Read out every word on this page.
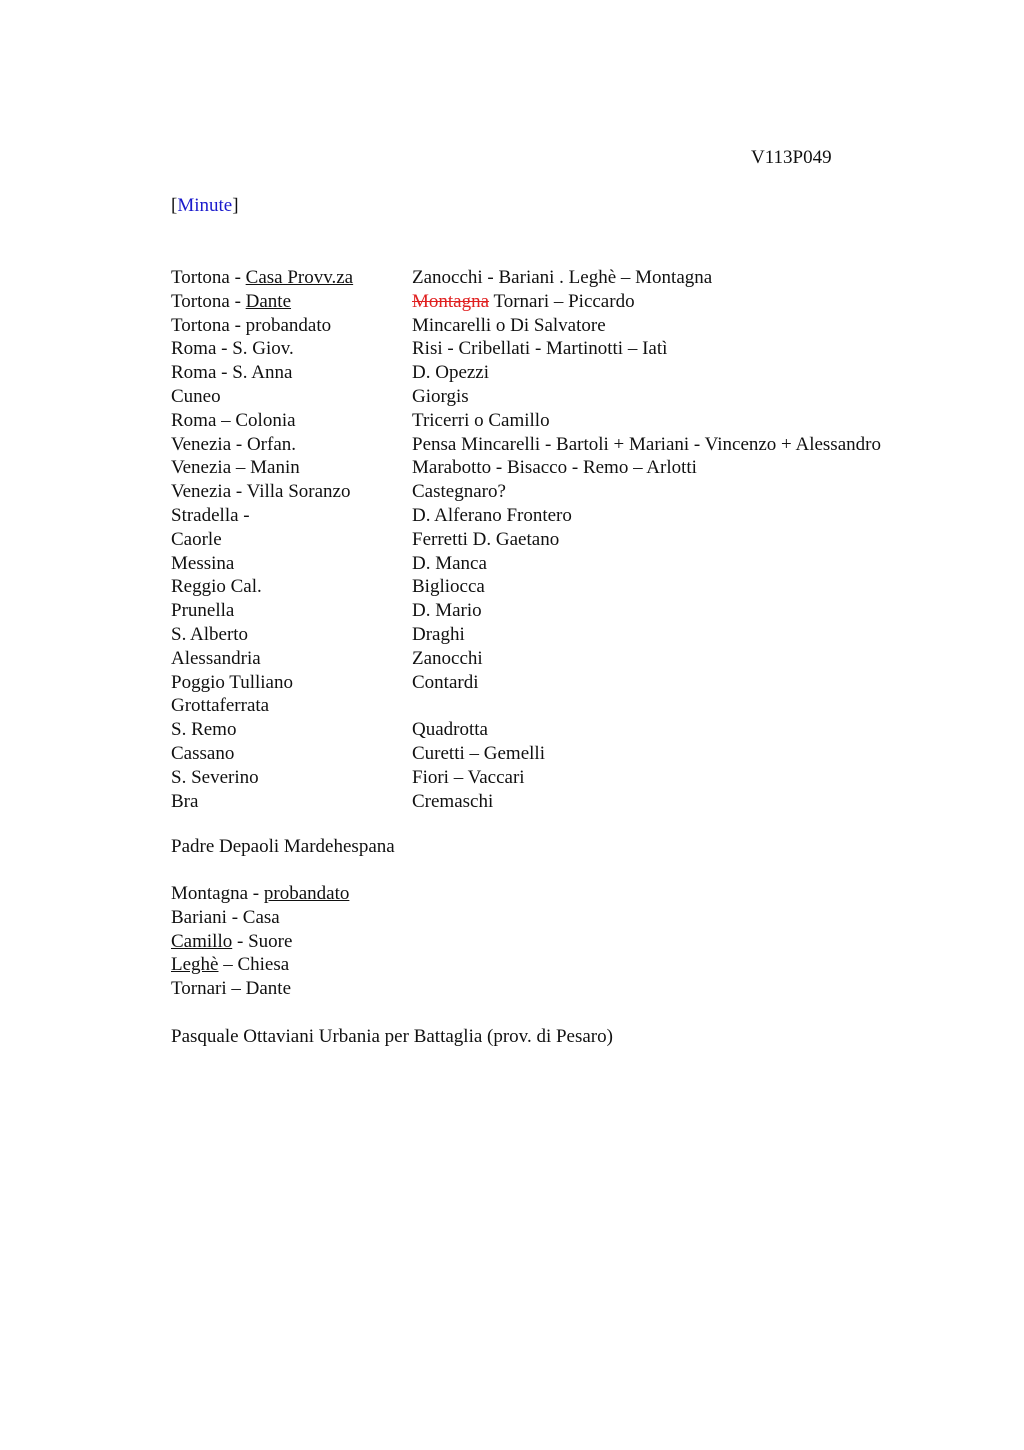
V113P049
[Minute]
Tortona - Casa Provv.za	Zanocchi - Bariani . Leghè – Montagna
Tortona - Dante	Montagna Tornari – Piccardo
Tortona - probandato	Mincarelli o Di Salvatore
Roma - S. Giov.	Risi - Cribellati - Martinotti – Iatì
Roma - S. Anna	D. Opezzi
Cuneo	Giorgis
Roma – Colonia	Tricerri o Camillo
Venezia - Orfan.	Pensa Mincarelli - Bartoli + Mariani - Vincenzo + Alessandro
Venezia – Manin	Marabotto - Bisacco - Remo – Arlotti
Venezia - Villa Soranzo	Castegnaro?
Stradella -	D. Alferano Frontero
Caorle	Ferretti D. Gaetano
Messina	D. Manca
Reggio Cal.	Bigliocca
Prunella	D. Mario
S. Alberto	Draghi
Alessandria	Zanocchi
Poggio Tulliano	Contardi
Grottaferrata
S. Remo	Quadrotta
Cassano	Curetti – Gemelli
S. Severino	Fiori – Vaccari
Bra	Cremaschi
Padre Depaoli Mardehespana
Montagna - probandato
Bariani - Casa
Camillo - Suore
Leghè – Chiesa
Tornari – Dante
Pasquale Ottaviani Urbania per Battaglia (prov. di Pesaro)
